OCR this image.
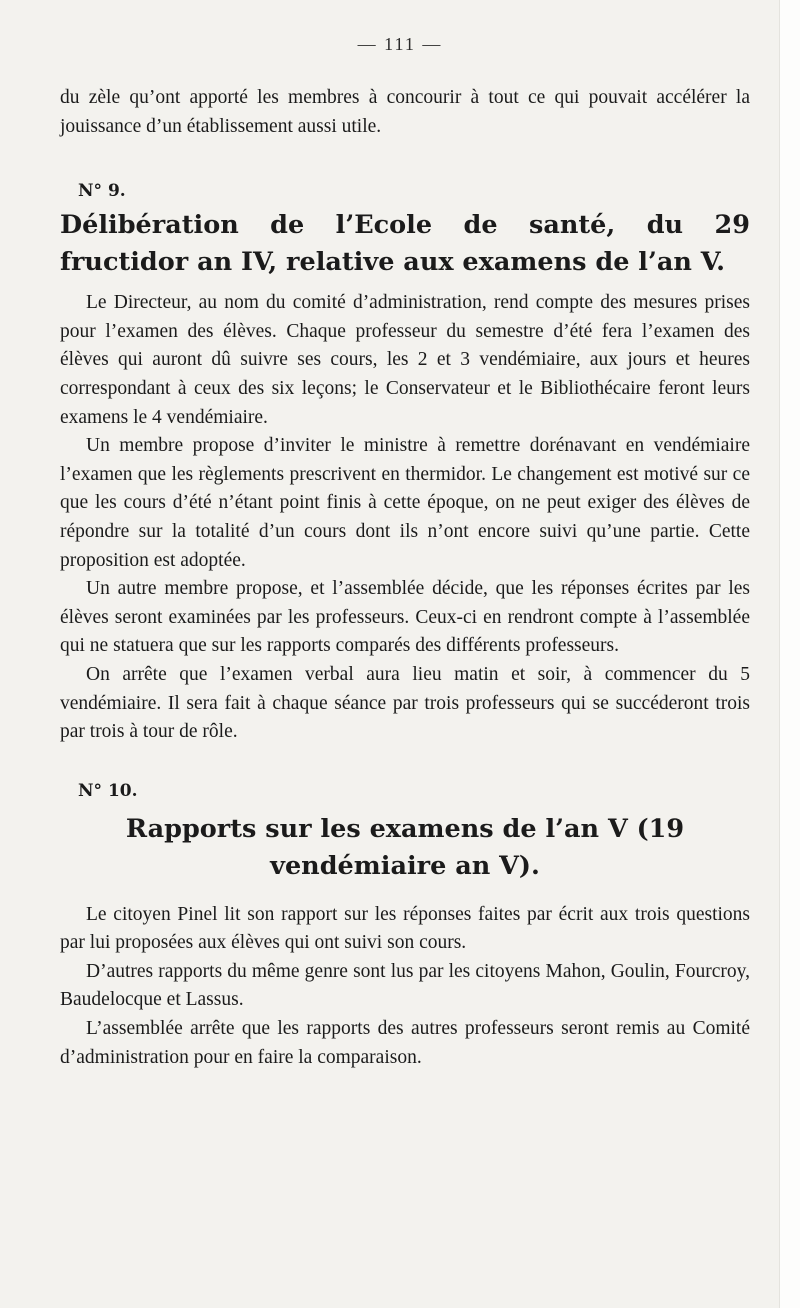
— 111 —

du zèle qu’ont apporté les membres à concourir à tout ce qui pouvait accélérer la jouissance d’un établissement aussi utile.

N° 9.
Délibération de l’Ecole de santé, du 29 fructidor an IV, relative aux examens de l’an V.

Le Directeur, au nom du comité d’administration, rend compte des mesures prises pour l’examen des élèves. Chaque professeur du semestre d’été fera l’examen des élèves qui auront dû suivre ses cours, les 2 et 3 vendémiaire, aux jours et heures correspondant à ceux des six leçons; le Conservateur et le Bibliothécaire feront leurs examens le 4 vendémiaire.

Un membre propose d’inviter le ministre à remettre dorénavant en vendémiaire l’examen que les règlements prescrivent en thermidor. Le changement est motivé sur ce que les cours d’été n’étant point finis à cette époque, on ne peut exiger des élèves de répondre sur la totalité d’un cours dont ils n’ont encore suivi qu’une partie. Cette proposition est adoptée.

Un autre membre propose, et l’assemblée décide, que les réponses écrites par les élèves seront examinées par les professeurs. Ceux-ci en rendront compte à l’assemblée qui ne statuera que sur les rapports comparés des différents professeurs.

On arrête que l’examen verbal aura lieu matin et soir, à commencer du 5 vendémiaire. Il sera fait à chaque séance par trois professeurs qui se succéderont trois par trois à tour de rôle.

N° 10.
Rapports sur les examens de l’an V (19 vendémiaire an V).

Le citoyen Pinel lit son rapport sur les réponses faites par écrit aux trois questions par lui proposées aux élèves qui ont suivi son cours.

D’autres rapports du même genre sont lus par les citoyens Mahon, Goulin, Fourcroy, Baudelocque et Lassus.

L’assemblée arrête que les rapports des autres professeurs seront remis au Comité d’administration pour en faire la comparaison.
